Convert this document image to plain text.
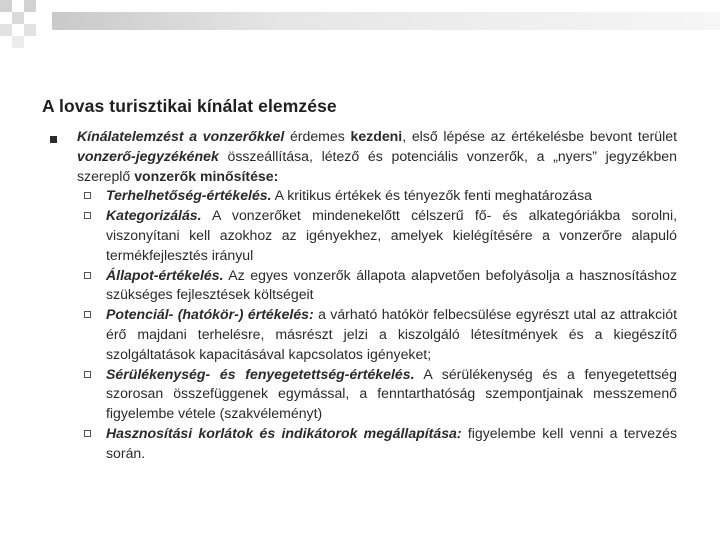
A lovas turisztikai kínálat elemzése

Kínálatelemzést a vonzerőkkel érdemes kezdeni, első lépése az értékelésbe bevont terület vonzerő-jegyzékének összeállítása, létező és potenciális vonzerők, a „nyers” jegyzékben szereplő vonzerők minősítése:

Terhelhetőség-értékelés. A kritikus értékek és tényezők fenti meghatározása
Kategorizálás. A vonzerőket mindenekelőtt célszerű fő- és alkategóriákba sorolni, viszonyítani kell azokhoz az igényekhez, amelyek kielégítésére a vonzerőre alapuló termékfejlesztés irányul
Állapot-értékelés. Az egyes vonzerők állapota alapvetően befolyásolja a hasznosításhoz szükséges fejlesztések költségeit
Potenciál- (hatókör-) értékelés: a várható hatókör felbecsülése egyrészt utal az attrakciót érő majdani terhelésre, másrészt jelzi a kiszolgáló létesítmények és a kiegészítő szolgáltatások kapacitásával kapcsolatos igényeket;
Sérülékenység- és fenyegetettség-értékelés. A sérülékenység és a fenyegetettség szorosan összefüggenek egymással, a fenntarthatóság szempontjainak messzemenő figyelembe vétele (szakvéleményt)
Hasznosítási korlátok és indikátorok megállapítása: figyelembe kell venni a tervezés során.
